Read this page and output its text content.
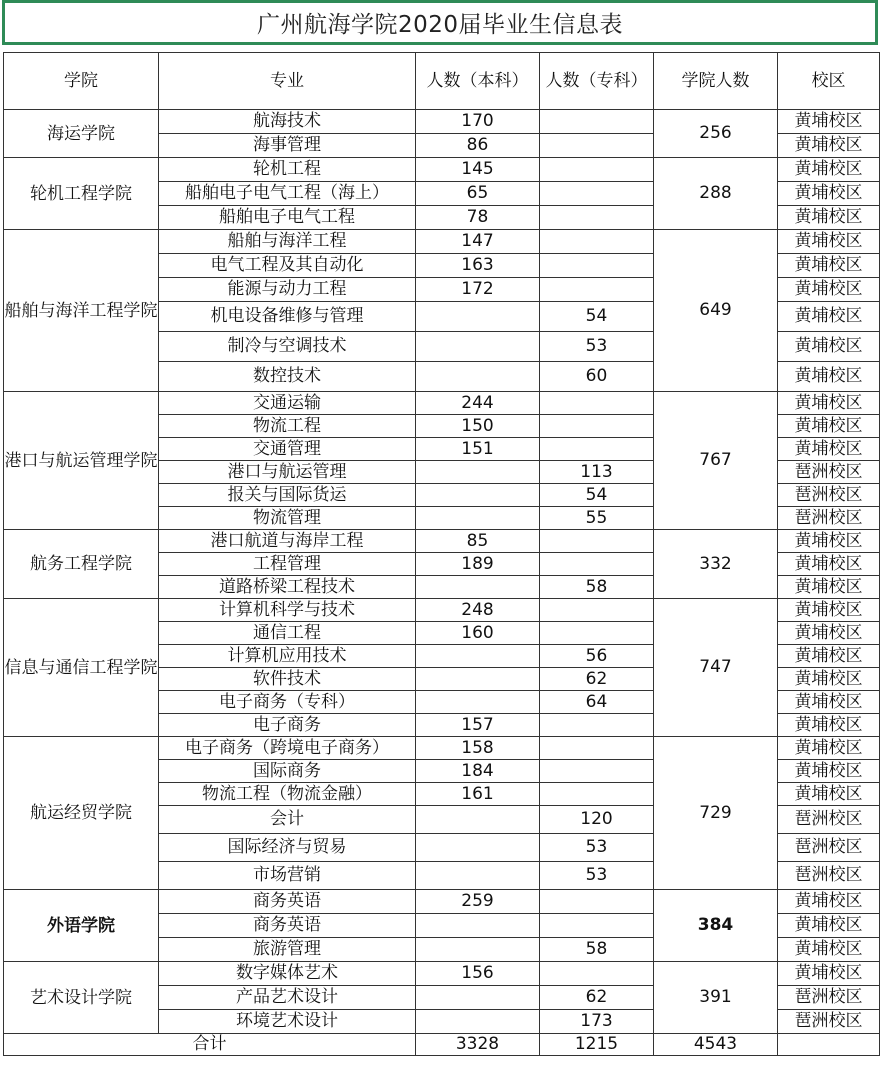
广州航海学院2020届毕业生信息表
学院	专业	人数（本科）	人数（专科）	学院人数	校区
海运学院	航海技术	170		256	黄埔校区
	海事管理	86			黄埔校区
轮机工程学院	轮机工程	145		288	黄埔校区
	船舶电子电气工程（海上）	65			黄埔校区
	船舶电子电气工程	78			黄埔校区
船舶与海洋工程学院	船舶与海洋工程	147		649	黄埔校区
	电气工程及其自动化	163			黄埔校区
	能源与动力工程	172			黄埔校区
	机电设备维修与管理		54		黄埔校区
	制冷与空调技术		53		黄埔校区
	数控技术		60		黄埔校区
港口与航运管理学院	交通运输	244		767	黄埔校区
	物流工程	150			黄埔校区
	交通管理	151			黄埔校区
	港口与航运管理		113		琶洲校区
	报关与国际货运		54		琶洲校区
	物流管理		55		琶洲校区
航务工程学院	港口航道与海岸工程	85		332	黄埔校区
	工程管理	189			黄埔校区
	道路桥梁工程技术		58		黄埔校区
信息与通信工程学院	计算机科学与技术	248		747	黄埔校区
	通信工程	160			黄埔校区
	计算机应用技术		56		黄埔校区
	软件技术		62		黄埔校区
	电子商务（专科）		64		黄埔校区
	电子商务	157			黄埔校区
航运经贸学院	电子商务（跨境电子商务）	158		729	黄埔校区
	国际商务	184			黄埔校区
	物流工程（物流金融）	161			黄埔校区
	会计		120		琶洲校区
	国际经济与贸易		53		琶洲校区
	市场营销		53		琶洲校区
外语学院	商务英语	259		384	黄埔校区
	商务英语				黄埔校区
	旅游管理		58		黄埔校区
艺术设计学院	数字媒体艺术	156		391	黄埔校区
	产品艺术设计		62		琶洲校区
	环境艺术设计		173		琶洲校区
合计		3328	1215	4543	
